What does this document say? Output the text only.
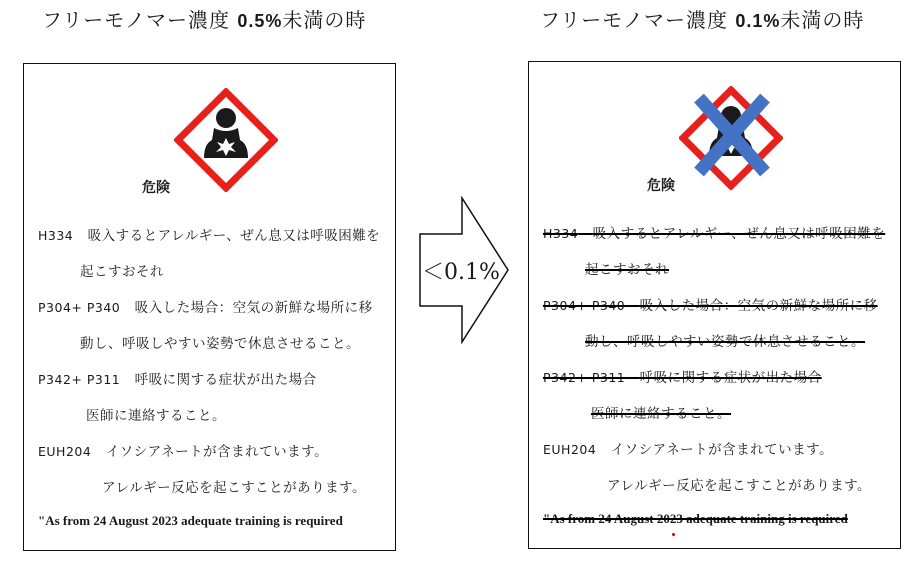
フリーモノマー濃度 0.5%未満の時	フリーモノマー濃度 0.1%未満の時
危険
H334 吸入するとアレルギー、ぜん息又は呼吸困難を
起こすおそれ
P304+ P340 吸入した場合：空気の新鮮な場所に移
動し、呼吸しやすい姿勢で休息させること。
P342+ P311 呼吸に関する症状が出た場合
医師に連絡すること。
EUH204 イソシアネートが含まれています。
アレルギー反応を起こすことがあります。
"As from 24 August 2023 adequate training is required
＜0.1%
危険
H334 吸入するとアレルギー、ぜん息又は呼吸困難を
起こすおそれ
P304+ P340 吸入した場合：空気の新鮮な場所に移
動し、呼吸しやすい姿勢で休息させること。
P342+ P311 呼吸に関する症状が出た場合
医師に連絡すること。
EUH204 イソシアネートが含まれています。
アレルギー反応を起こすことがあります。
"As from 24 August 2023 adequate training is required
